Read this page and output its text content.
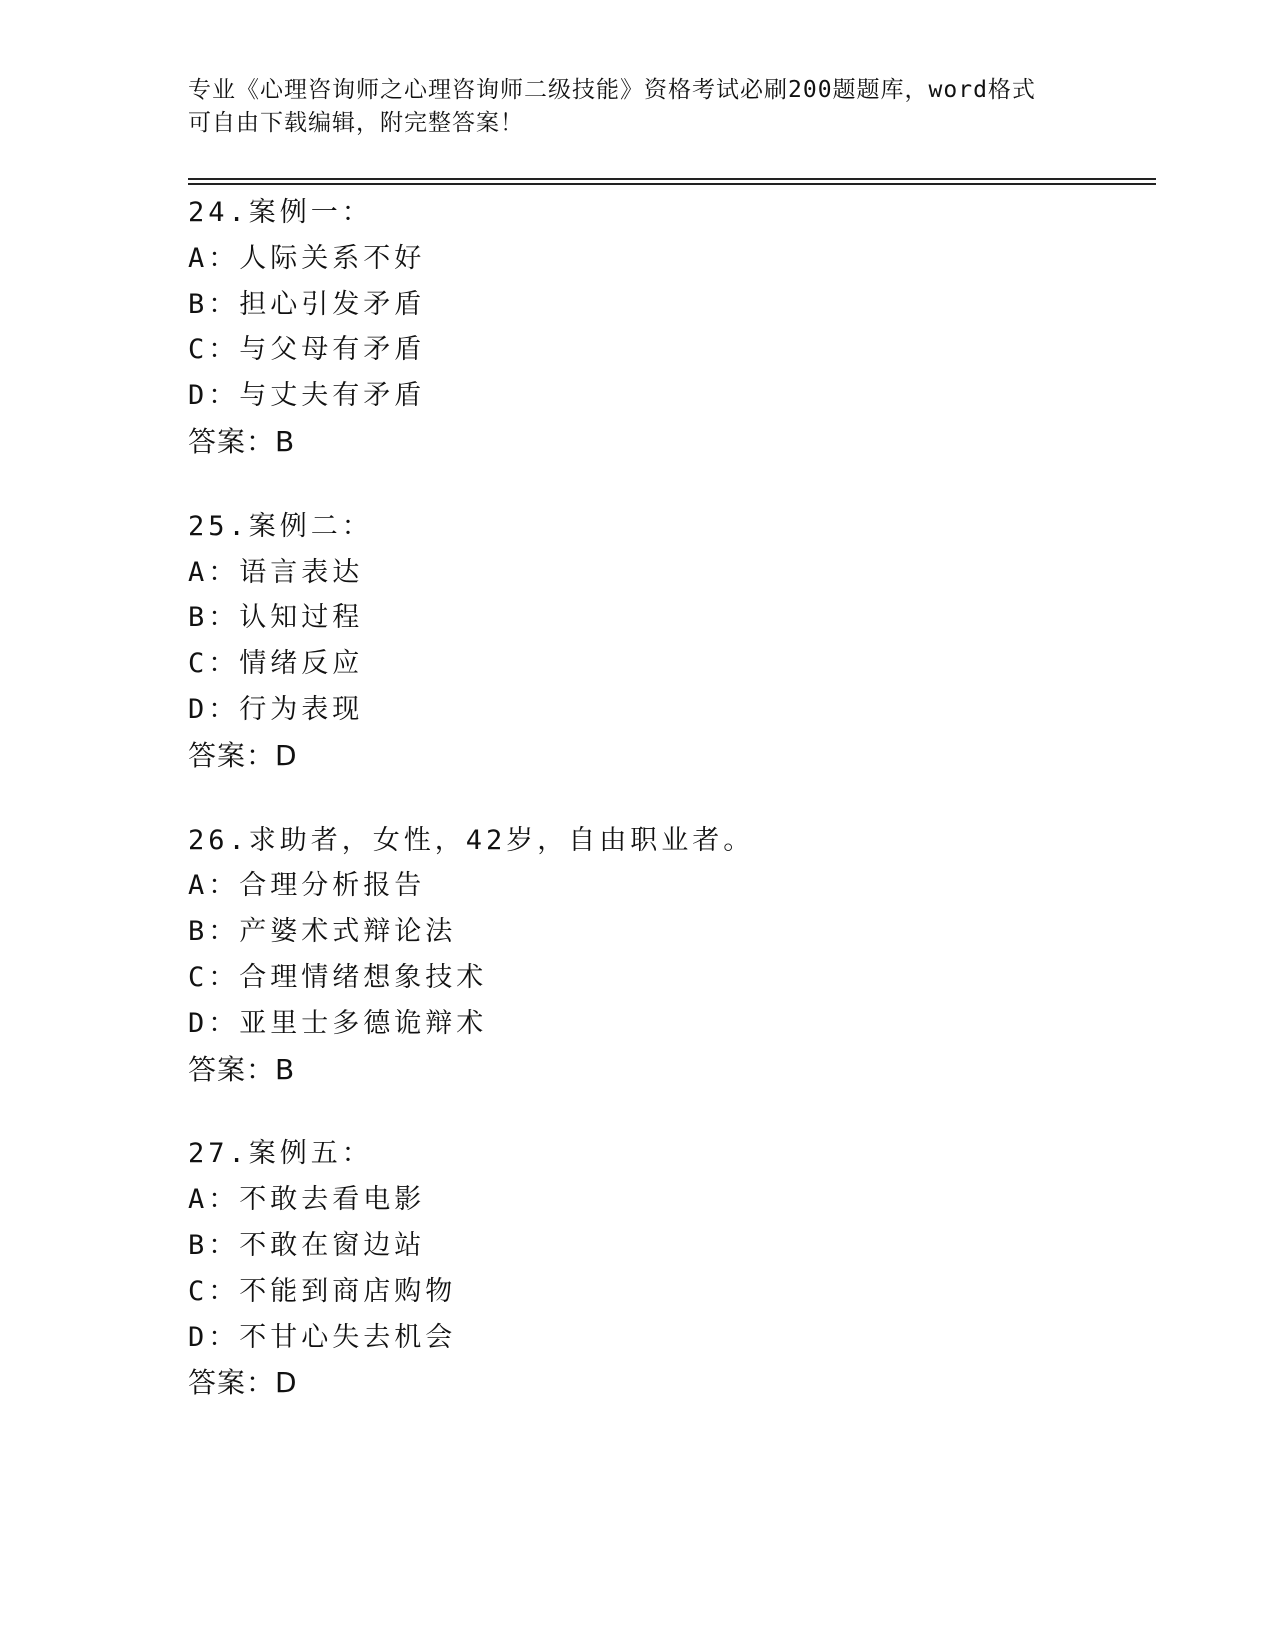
专业《心理咨询师之心理咨询师二级技能》资格考试必刷200题题库，word格式
可自由下载编辑，附完整答案！
24.案例一：
A：人际关系不好
B：担心引发矛盾
C：与父母有矛盾
D：与丈夫有矛盾
答案：B
25.案例二：
A：语言表达
B：认知过程
C：情绪反应
D：行为表现
答案：D
26.求助者，女性，42岁，自由职业者。
A：合理分析报告
B：产婆术式辩论法
C：合理情绪想象技术
D：亚里士多德诡辩术
答案：B
27.案例五：
A：不敢去看电影
B：不敢在窗边站
C：不能到商店购物
D：不甘心失去机会
答案：D
